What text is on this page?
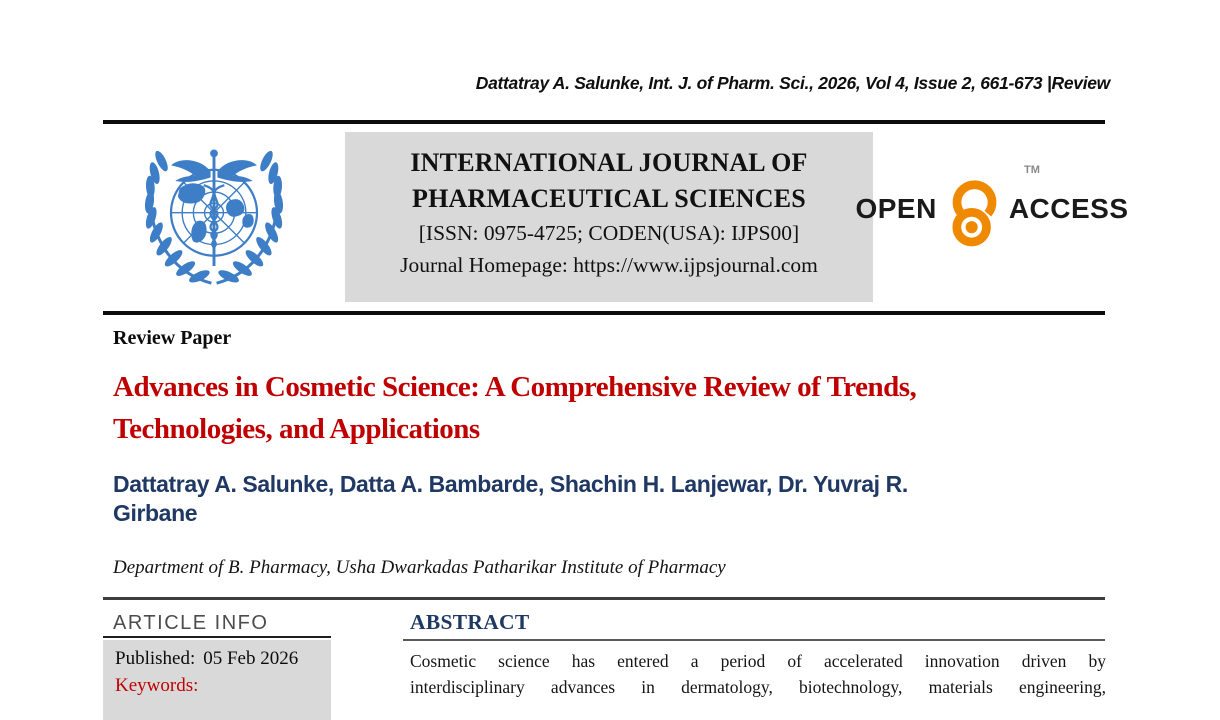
Dattatray A. Salunke, Int. J. of Pharm. Sci., 2026, Vol 4, Issue 2, 661-673 |Review
INTERNATIONAL JOURNAL OF
PHARMACEUTICAL SCIENCES
[ISSN: 0975-4725; CODEN(USA): IJPS00]
Journal Homepage: https://www.ijpsjournal.com
OPEN
TM
ACCESS
Review Paper
Advances in Cosmetic Science: A Comprehensive Review of Trends,
Technologies, and Applications
Dattatray A. Salunke, Datta A. Bambarde, Shachin H. Lanjewar, Dr. Yuvraj R.
Girbane
Department of B. Pharmacy, Usha Dwarkadas Patharikar Institute of Pharmacy
ARTICLE INFO
Published: 05 Feb 2026
Keywords:
ABSTRACT
Cosmetic science has entered a period of accelerated innovation driven by
interdisciplinary advances in dermatology, biotechnology, materials engineering,
